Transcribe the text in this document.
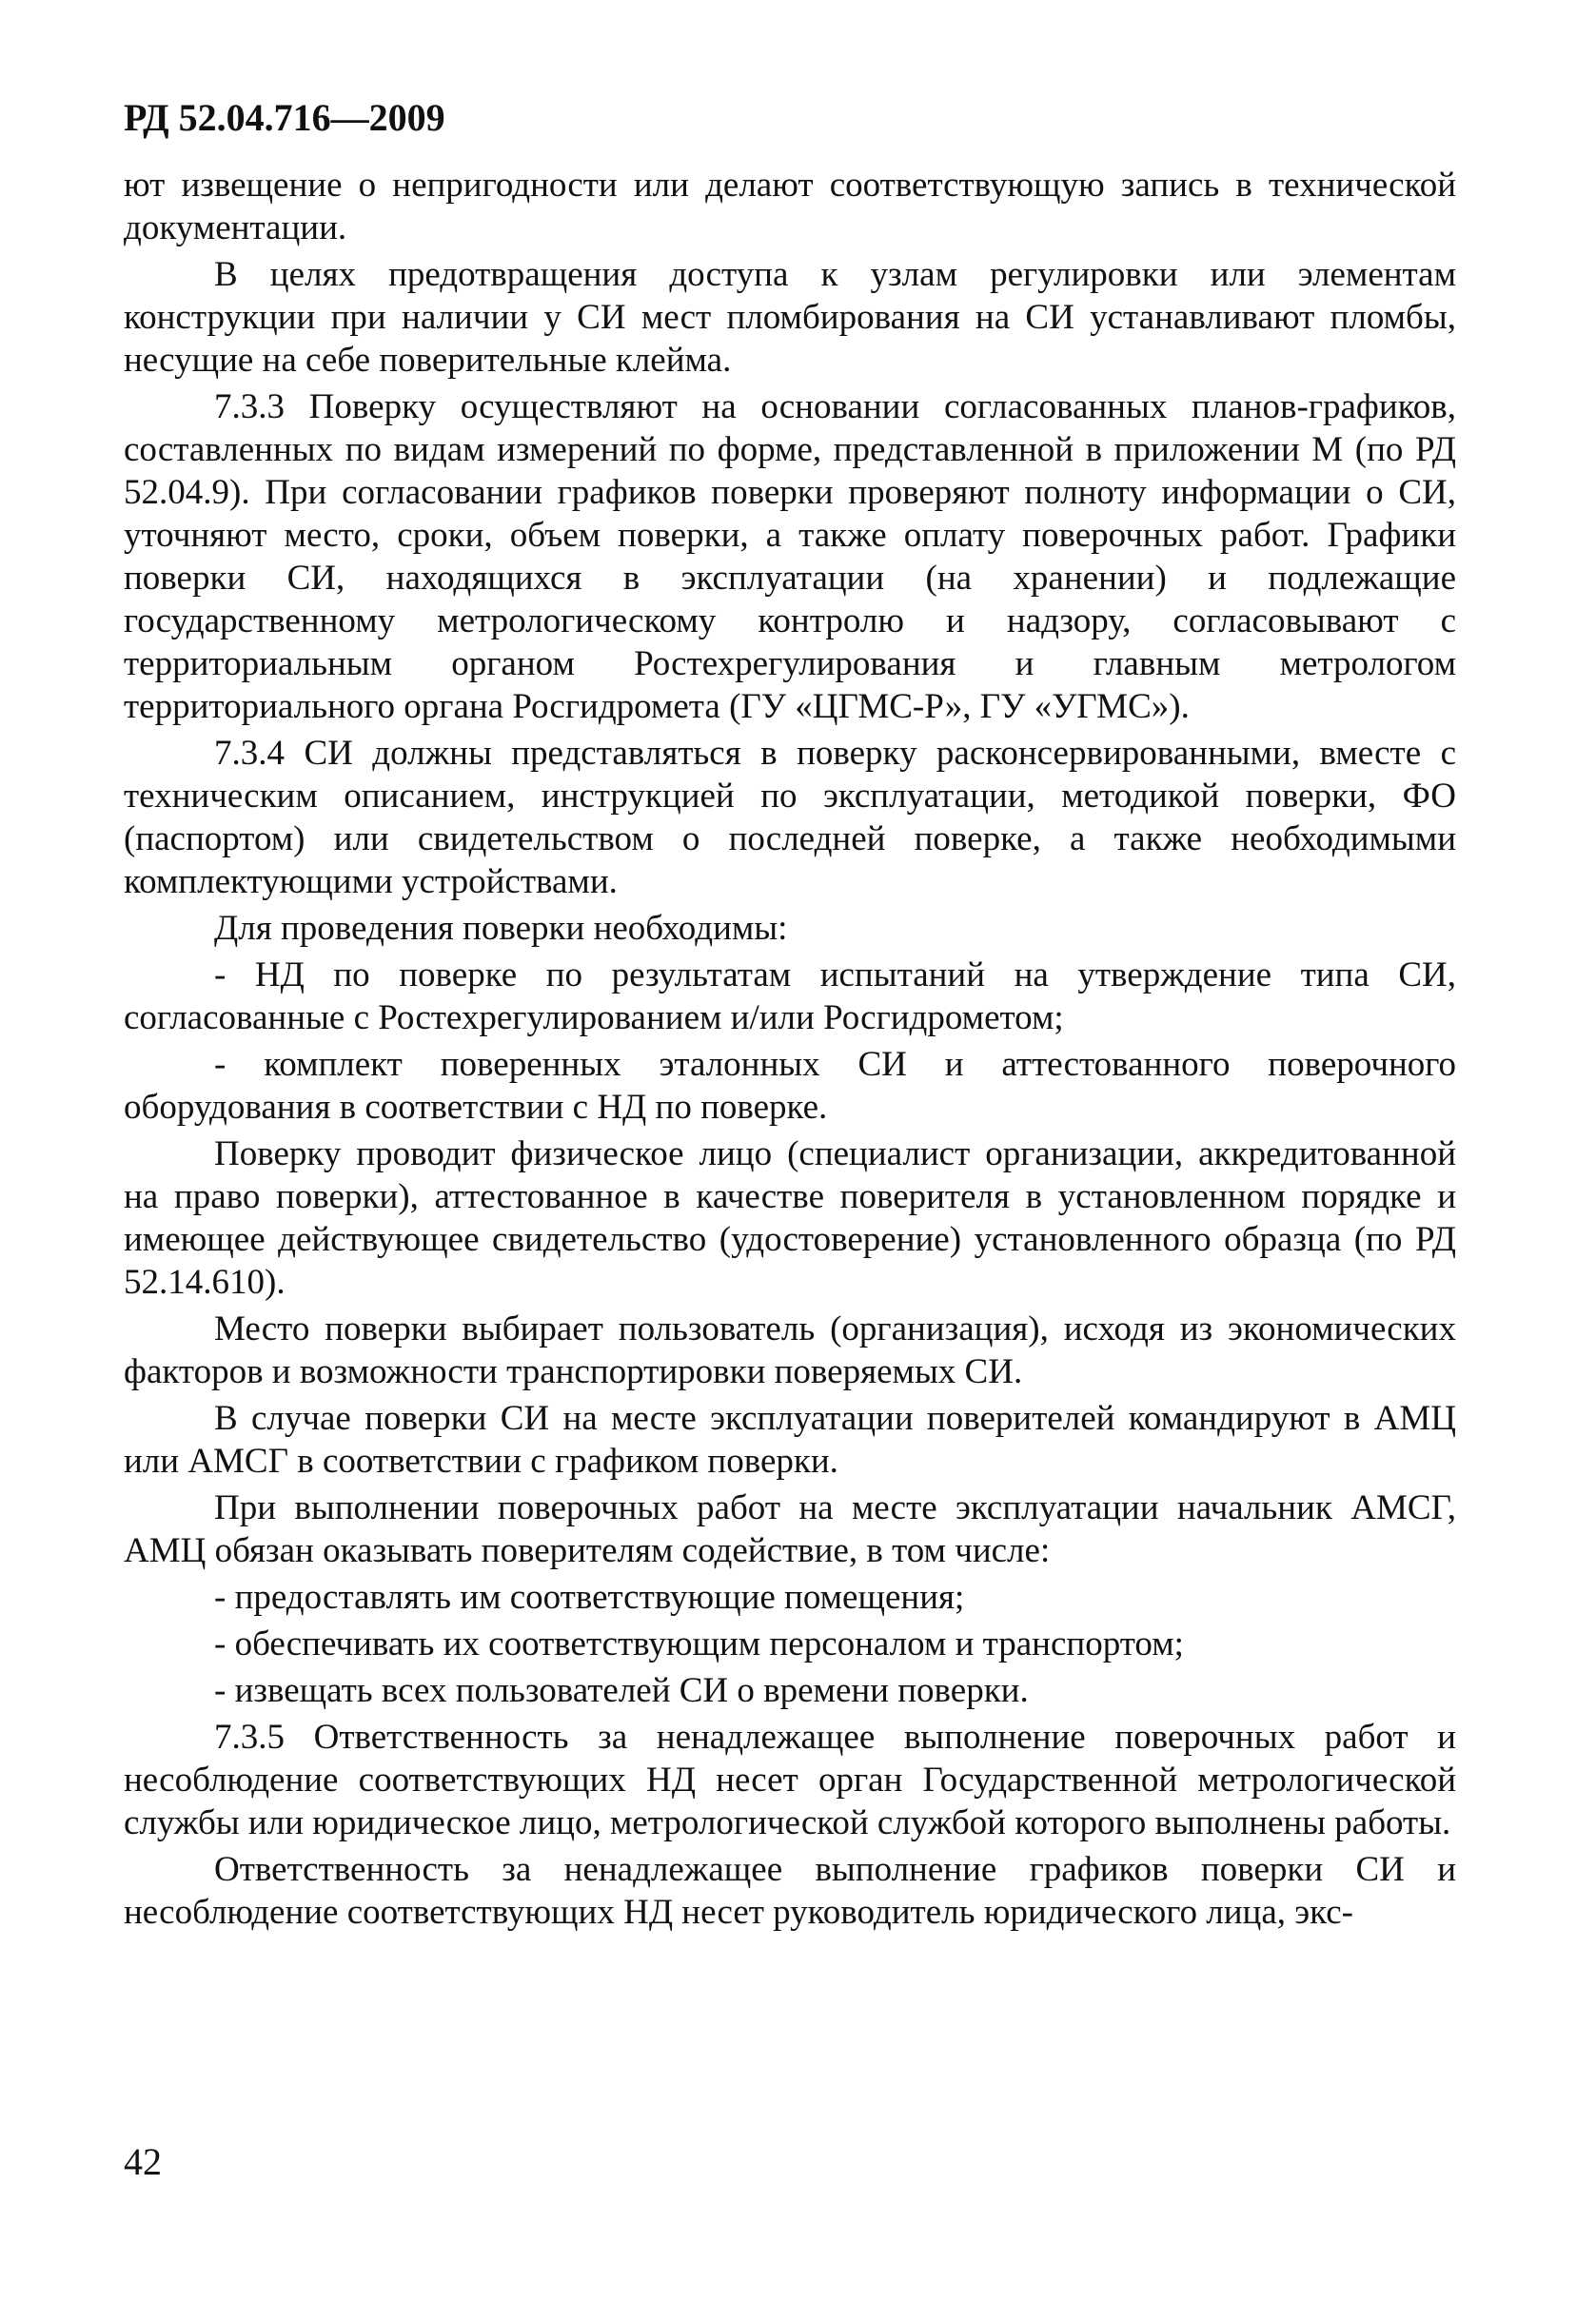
РД 52.04.716—2009

ют извещение о непригодности или делают соответствующую запись в технической документации.

В целях предотвращения доступа к узлам регулировки или элементам конструкции при наличии у СИ мест пломбирования на СИ устанавливают пломбы, несущие на себе поверительные клейма.

7.3.3 Поверку осуществляют на основании согласованных планов-графиков, составленных по видам измерений по форме, представленной в приложении М (по РД 52.04.9). При согласовании графиков поверки проверяют полноту информации о СИ, уточняют место, сроки, объем поверки, а также оплату поверочных работ. Графики поверки СИ, находящихся в эксплуатации (на хранении) и подлежащие государственному метрологическому контролю и надзору, согласовывают с территориальным органом Ростехрегулирования и главным метрологом территориального органа Росгидромета (ГУ «ЦГМС-Р», ГУ «УГМС»).

7.3.4 СИ должны представляться в поверку расконсервированными, вместе с техническим описанием, инструкцией по эксплуатации, методикой поверки, ФО (паспортом) или свидетельством о последней поверке, а также необходимыми комплектующими устройствами.

Для проведения поверки необходимы:

- НД по поверке по результатам испытаний на утверждение типа СИ, согласованные с Ростехрегулированием и/или Росгидрометом;

- комплект поверенных эталонных СИ и аттестованного поверочного оборудования в соответствии с НД по поверке.

Поверку проводит физическое лицо (специалист организации, аккредитованной на право поверки), аттестованное в качестве поверителя в установленном порядке и имеющее действующее свидетельство (удостоверение) установленного образца (по РД 52.14.610).

Место поверки выбирает пользователь (организация), исходя из экономических факторов и возможности транспортировки поверяемых СИ.

В случае поверки СИ на месте эксплуатации поверителей командируют в АМЦ или АМСГ в соответствии с графиком поверки.

При выполнении поверочных работ на месте эксплуатации начальник АМСГ, АМЦ обязан оказывать поверителям содействие, в том числе:

- предоставлять им соответствующие помещения;

- обеспечивать их соответствующим персоналом и транспортом;

- извещать всех пользователей СИ о времени поверки.

7.3.5 Ответственность за ненадлежащее выполнение поверочных работ и несоблюдение соответствующих НД несет орган Государственной метрологической службы или юридическое лицо, метрологической службой которого выполнены работы.

Ответственность за ненадлежащее выполнение графиков поверки СИ и несоблюдение соответствующих НД несет руководитель юридического лица, экс-

42
